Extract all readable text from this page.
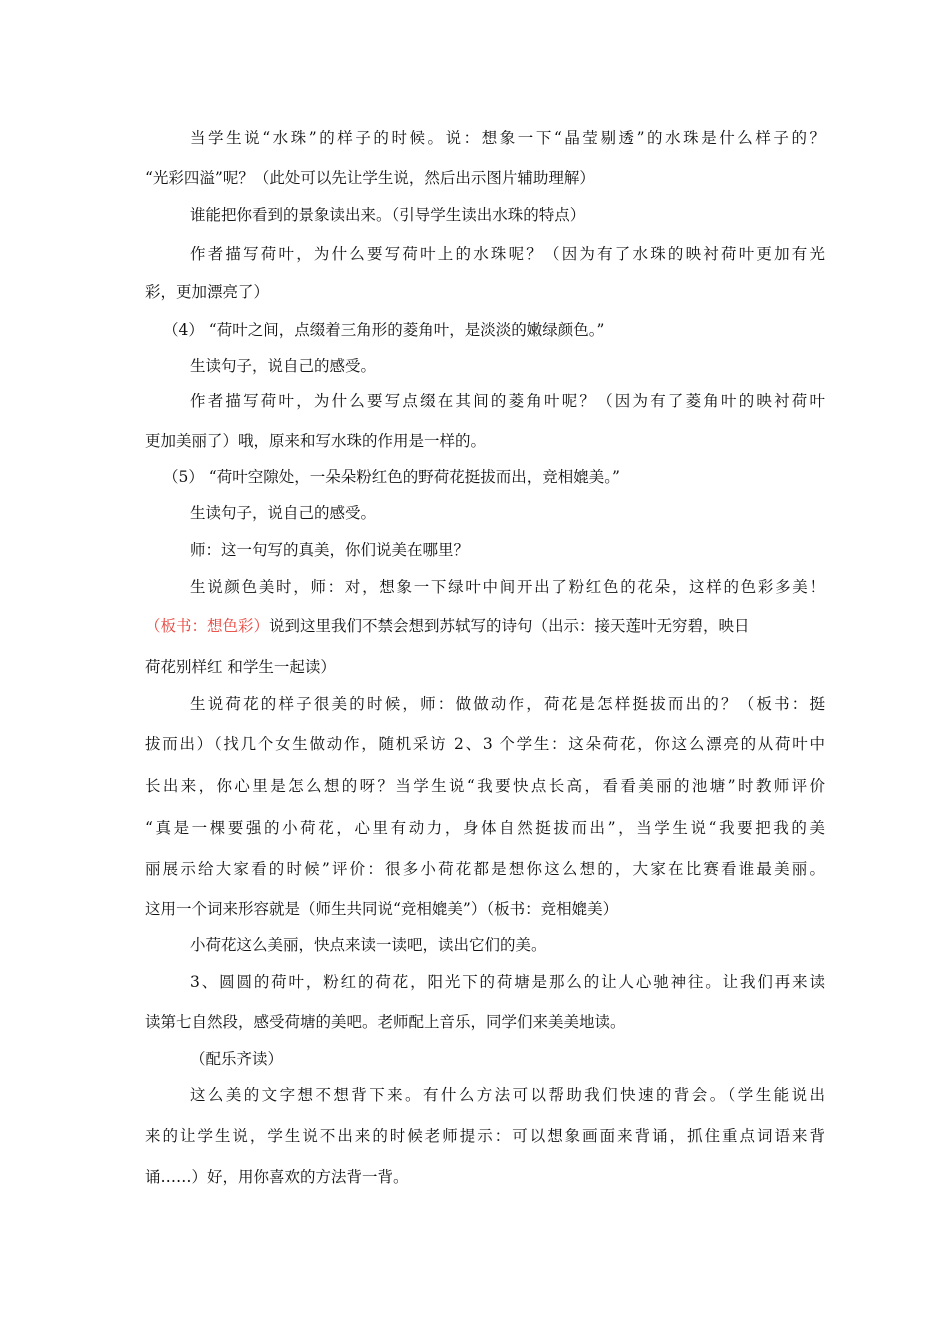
当学生说“水珠”的样子的时候。说：想象一下“晶莹剔透”的水珠是什么样子的？
“光彩四溢”呢？（此处可以先让学生说，然后出示图片辅助理解）
谁能把你看到的景象读出来。（引导学生读出水珠的特点）
作者描写荷叶，为什么要写荷叶上的水珠呢？（因为有了水珠的映衬荷叶更加有光
彩，更加漂亮了）
（4） “荷叶之间，点缀着三角形的菱角叶，是淡淡的嫩绿颜色。”
生读句子，说自己的感受。
作者描写荷叶，为什么要写点缀在其间的菱角叶呢？（因为有了菱角叶的映衬荷叶
更加美丽了）哦，原来和写水珠的作用是一样的。
（5） “荷叶空隙处，一朵朵粉红色的野荷花挺拔而出，竞相媲美。”
生读句子，说自己的感受。
师：这一句写的真美，你们说美在哪里？
生说颜色美时，师：对，想象一下绿叶中间开出了粉红色的花朵，这样的色彩多美！
（板书：想色彩）说到这里我们不禁会想到苏轼写的诗句（出示：接天莲叶无穷碧，映日
荷花别样红 和学生一起读）
生说荷花的样子很美的时候，师：做做动作，荷花是怎样挺拔而出的？（板书：挺
拔而出）（找几个女生做动作，随机采访 2、3 个学生：这朵荷花，你这么漂亮的从荷叶中
长出来，你心里是怎么想的呀？当学生说“我要快点长高，看看美丽的池塘”时教师评价
“真是一棵要强的小荷花，心里有动力，身体自然挺拔而出”，当学生说“我要把我的美
丽展示给大家看的时候”评价：很多小荷花都是想你这么想的，大家在比赛看谁最美丽。
这用一个词来形容就是（师生共同说“竞相媲美”）（板书：竞相媲美）
小荷花这么美丽，快点来读一读吧，读出它们的美。
3、圆圆的荷叶，粉红的荷花，阳光下的荷塘是那么的让人心驰神往。让我们再来读
读第七自然段，感受荷塘的美吧。老师配上音乐，同学们来美美地读。
（配乐齐读）
这么美的文字想不想背下来。有什么方法可以帮助我们快速的背会。（学生能说出
来的让学生说，学生说不出来的时候老师提示：可以想象画面来背诵，抓住重点词语来背
诵……）好，用你喜欢的方法背一背。
